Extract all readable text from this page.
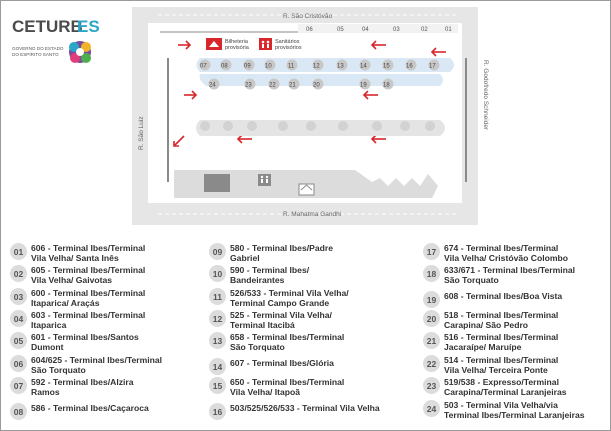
CETURB
ES
GOVERNO DO ESTADO
DO ESPÍRITO SANTO
R. São Cristóvão
R. Mahatma Gandhi
R. São Luiz
R. Godofredo Schneider
06	05	04	03	02	01
Bilheteria
provisória
Sanitários
provisórios
07 08	09 10	11	12	13	14	15	16	17
24	23	22 21	20	19	18
01 606 - Terminal Ibes/Terminal
Vila Velha/ Santa Inês
02 605 - Terminal Ibes/Terminal
Vila Velha/ Gaivotas
03 600 - Terminal Ibes/Terminal
Itaparica/ Araçás
04 603 - Terminal Ibes/Terminal
Itaparica
05 601 - Terminal Ibes/Santos
Dumont
06 604/625 - Terminal Ibes/Terminal
São Torquato
07 592 - Terminal Ibes/Alzira
Ramos
08 586 - Terminal Ibes/Caçaroca
09 580 - Terminal Ibes/Padre
Gabriel
10 590 - Terminal Ibes/
Bandeirantes
11 526/533 - Terminal Vila Velha/
Terminal Campo Grande
12 525 - Terminal Vila Velha/
Terminal Itacibá
13 658 - Terminal Ibes/Terminal
São Torquato
14 607 - Terminal Ibes/Glória
15 650 - Terminal Ibes/Terminal
Vila Velha/ Itapoã
16 503/525/526/533 - Terminal Vila Velha
17 674 - Terminal Ibes/Terminal
Vila Velha/ Cristóvão Colombo
18 633/671 - Terminal Ibes/Terminal
São Torquato
19 608 - Terminal Ibes/Boa Vista
20 518 - Terminal Ibes/Terminal
Carapina/ São Pedro
21 516 - Terminal Ibes/Terminal
Jacaraípe/ Maruípe
22 514 - Terminal Ibes/Terminal
Vila Velha/ Terceira Ponte
23 519/538 - Expresso/Terminal
Carapina/Terminal Laranjeiras
24 503 - Terminal Vila Velha/via
Terminal Ibes/Terminal Laranjeiras
